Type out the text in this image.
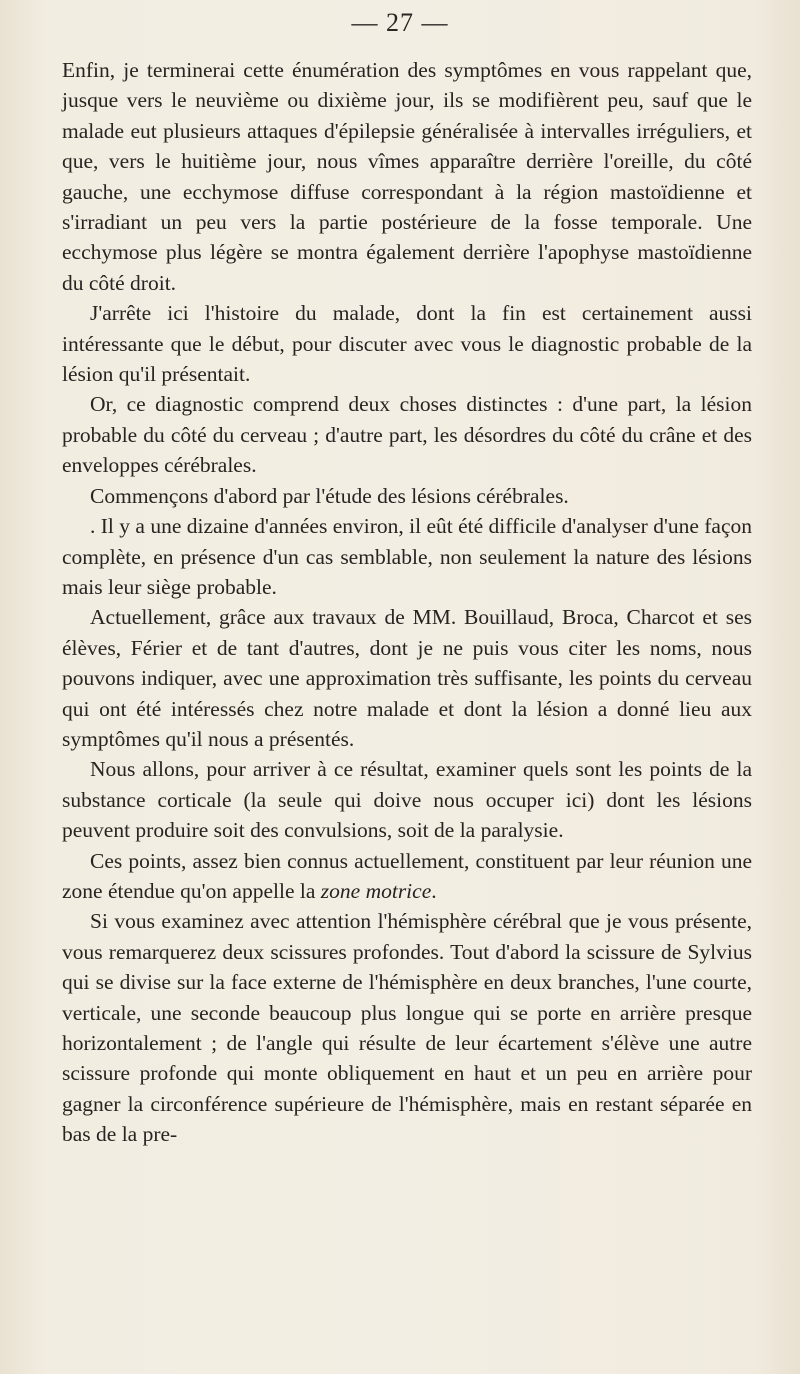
— 27 —

Enfin, je terminerai cette énumération des symptômes en vous rappelant que, jusque vers le neuvième ou dixième jour, ils se modifièrent peu, sauf que le malade eut plusieurs attaques d'épilepsie généralisée à intervalles irréguliers, et que, vers le huitième jour, nous vîmes apparaître derrière l'oreille, du côté gauche, une ecchymose diffuse correspondant à la région mastoïdienne et s'irradiant un peu vers la partie postérieure de la fosse temporale. Une ecchymose plus légère se montra également derrière l'apophyse mastoïdienne du côté droit.

J'arrête ici l'histoire du malade, dont la fin est certainement aussi intéressante que le début, pour discuter avec vous le diagnostic probable de la lésion qu'il présentait.

Or, ce diagnostic comprend deux choses distinctes : d'une part, la lésion probable du côté du cerveau ; d'autre part, les désordres du côté du crâne et des enveloppes cérébrales.

Commençons d'abord par l'étude des lésions cérébrales.

. Il y a une dizaine d'années environ, il eût été difficile d'analyser d'une façon complète, en présence d'un cas semblable, non seulement la nature des lésions mais leur siège probable.

Actuellement, grâce aux travaux de MM. Bouillaud, Broca, Charcot et ses élèves, Férier et de tant d'autres, dont je ne puis vous citer les noms, nous pouvons indiquer, avec une approximation très suffisante, les points du cerveau qui ont été intéressés chez notre malade et dont la lésion a donné lieu aux symptômes qu'il nous a présentés.

Nous allons, pour arriver à ce résultat, examiner quels sont les points de la substance corticale (la seule qui doive nous occuper ici) dont les lésions peuvent produire soit des convulsions, soit de la paralysie.

Ces points, assez bien connus actuellement, constituent par leur réunion une zone étendue qu'on appelle la zone motrice.

Si vous examinez avec attention l'hémisphère cérébral que je vous présente, vous remarquerez deux scissures profondes. Tout d'abord la scissure de Sylvius qui se divise sur la face externe de l'hémisphère en deux branches, l'une courte, verticale, une seconde beaucoup plus longue qui se porte en arrière presque horizontalement ; de l'angle qui résulte de leur écartement s'élève une autre scissure profonde qui monte obliquement en haut et un peu en arrière pour gagner la circonférence supérieure de l'hémisphère, mais en restant séparée en bas de la pre-
